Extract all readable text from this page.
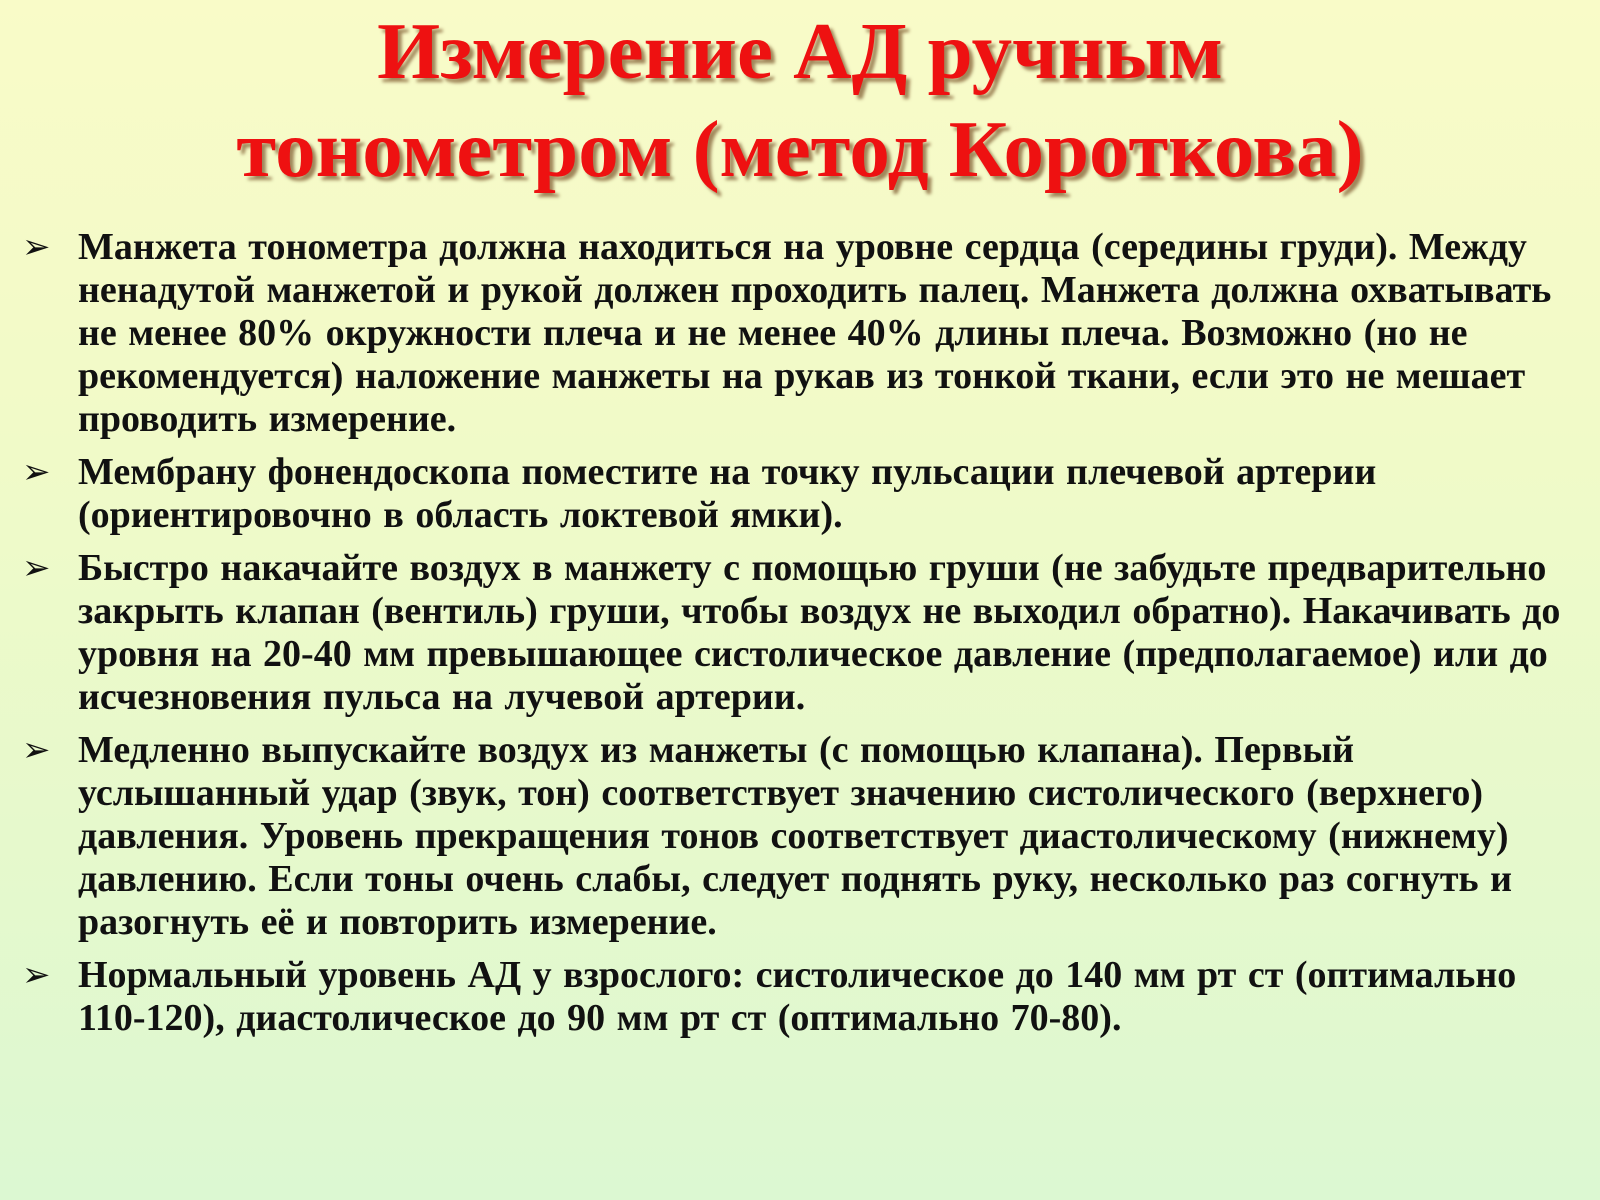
Измерение АД ручным
тонометром (метод Короткова)
➢ Манжета тонометра должна находиться на уровне сердца (середины груди). Между ненадутой манжетой и рукой должен проходить палец. Манжета должна охватывать не менее 80% окружности плеча и не менее 40% длины плеча. Возможно (но не рекомендуется) наложение манжеты на рукав из тонкой ткани, если это не мешает проводить измерение.
➢ Мембрану фонендоскопа поместите на точку пульсации плечевой артерии (ориентировочно в область локтевой ямки).
➢ Быстро накачайте воздух в манжету с помощью груши (не забудьте предварительно закрыть клапан (вентиль) груши, чтобы воздух не выходил обратно). Накачивать до уровня на 20-40 мм превышающее систолическое давление (предполагаемое) или до исчезновения пульса на лучевой артерии.
➢ Медленно выпускайте воздух из манжеты (с помощью клапана). Первый услышанный удар (звук, тон) соответствует значению систолического (верхнего) давления. Уровень прекращения тонов соответствует диастолическому (нижнему) давлению. Если тоны очень слабы, следует поднять руку, несколько раз согнуть и разогнуть её и повторить измерение.
➢ Нормальный уровень АД у взрослого: систолическое до 140 мм рт ст (оптимально 110-120), диастолическое до 90 мм рт ст (оптимально 70-80).
